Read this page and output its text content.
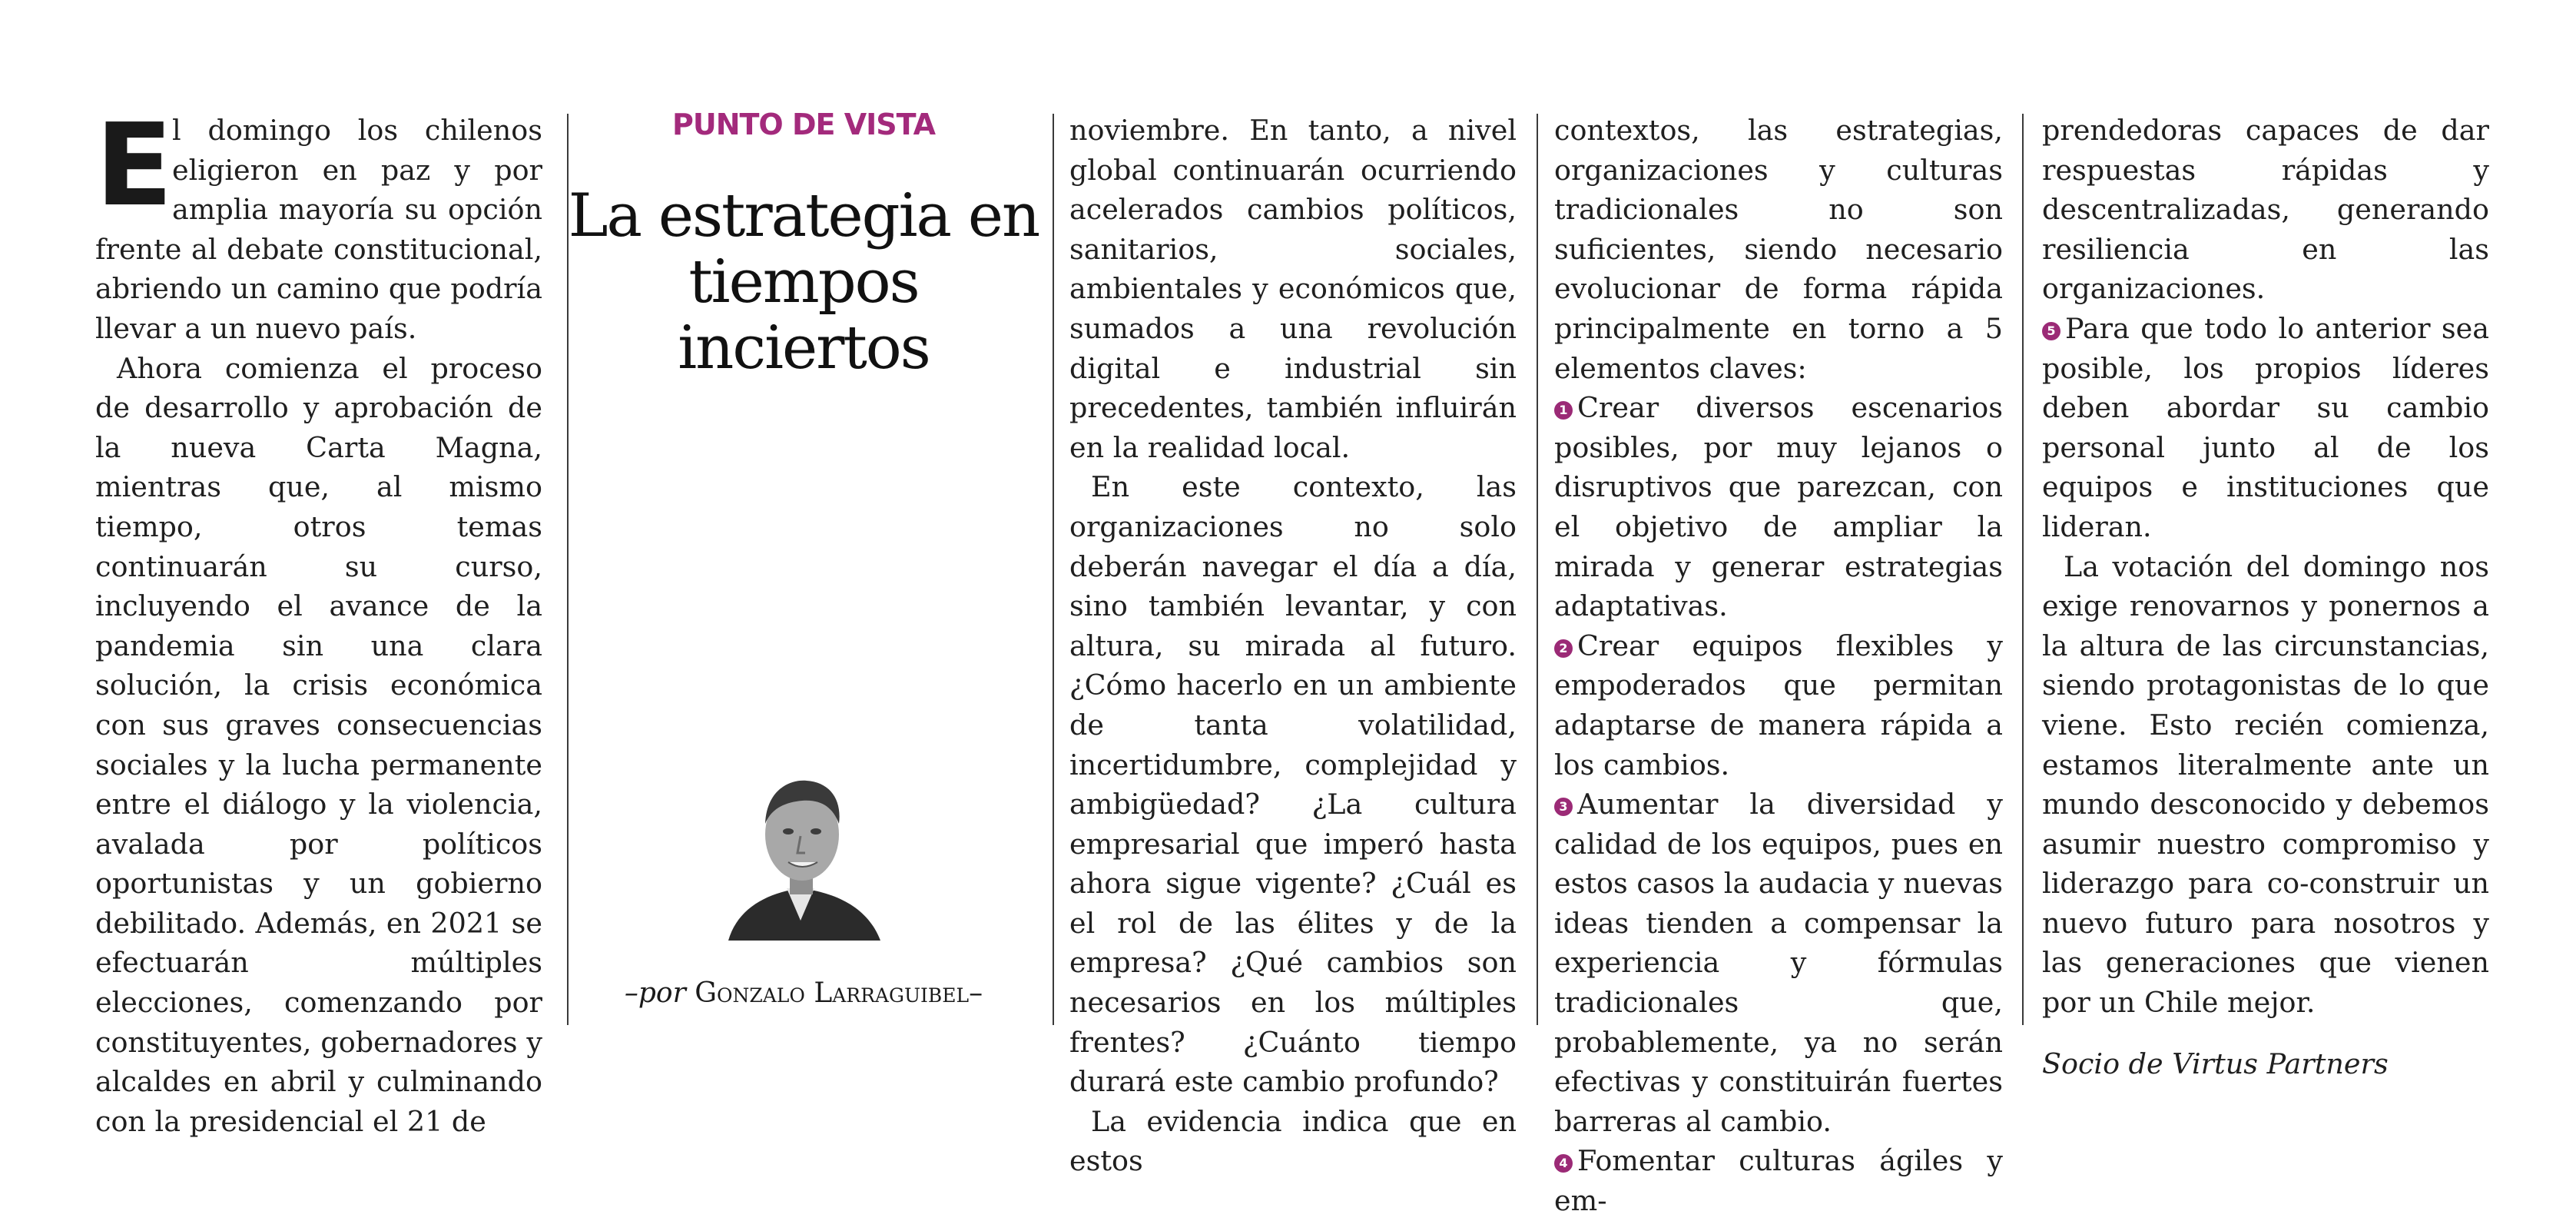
E
l domingo los chilenos eligieron en paz y por amplia mayoría su opción frente al debate constitucional, abriendo un camino que podría llevar a un nuevo país.

Ahora comienza el proceso de desarrollo y aprobación de la nueva Carta Magna, mientras que, al mismo tiempo, otros temas continuarán su curso, incluyendo el avance de la pandemia sin una clara solución, la crisis económica con sus graves consecuencias sociales y la lucha permanente entre el diálogo y la violencia, avalada por políticos oportunistas y un gobierno debilitado. Además, en 2021 se efectuarán múltiples elecciones, comenzando por constituyentes, gobernadores y alcaldes en abril y culminando con la presidencial el 21 de

PUNTO DE VISTA
La estrategia en tiempos inciertos
–por Gonzalo Larraguibel–

noviembre. En tanto, a nivel global continuarán ocurriendo acelerados cambios políticos, sanitarios, sociales, ambientales y económicos que, sumados a una revolución digital e industrial sin precedentes, también influirán en la realidad local.

En este contexto, las organizaciones no solo deberán navegar el día a día, sino también levantar, y con altura, su mirada al futuro. ¿Cómo hacerlo en un ambiente de tanta volatilidad, incertidumbre, complejidad y ambigüedad? ¿La cultura empresarial que imperó hasta ahora sigue vigente? ¿Cuál es el rol de las élites y de la empresa? ¿Qué cambios son necesarios en los múltiples frentes? ¿Cuánto tiempo durará este cambio profundo?

La evidencia indica que en estos

contextos, las estrategias, organizaciones y culturas tradicionales no son suficientes, siendo necesario evolucionar de forma rápida principalmente en torno a 5 elementos claves:

1 Crear diversos escenarios posibles, por muy lejanos o disruptivos que parezcan, con el objetivo de ampliar la mirada y generar estrategias adaptativas.

2 Crear equipos flexibles y empoderados que permitan adaptarse de manera rápida a los cambios.

3 Aumentar la diversidad y calidad de los equipos, pues en estos casos la audacia y nuevas ideas tienden a compensar la experiencia y fórmulas tradicionales que, probablemente, ya no serán efectivas y constituirán fuertes barreras al cambio.

4 Fomentar culturas ágiles y em-

prendedoras capaces de dar respuestas rápidas y descentralizadas, generando resiliencia en las organizaciones.

5 Para que todo lo anterior sea posible, los propios líderes deben abordar su cambio personal junto al de los equipos e instituciones que lideran.

La votación del domingo nos exige renovarnos y ponernos a la altura de las circunstancias, siendo protagonistas de lo que viene. Esto recién comienza, estamos literalmente ante un mundo desconocido y debemos asumir nuestro compromiso y liderazgo para co-construir un nuevo futuro para nosotros y las generaciones que vienen por un Chile mejor.

Socio de Virtus Partners
